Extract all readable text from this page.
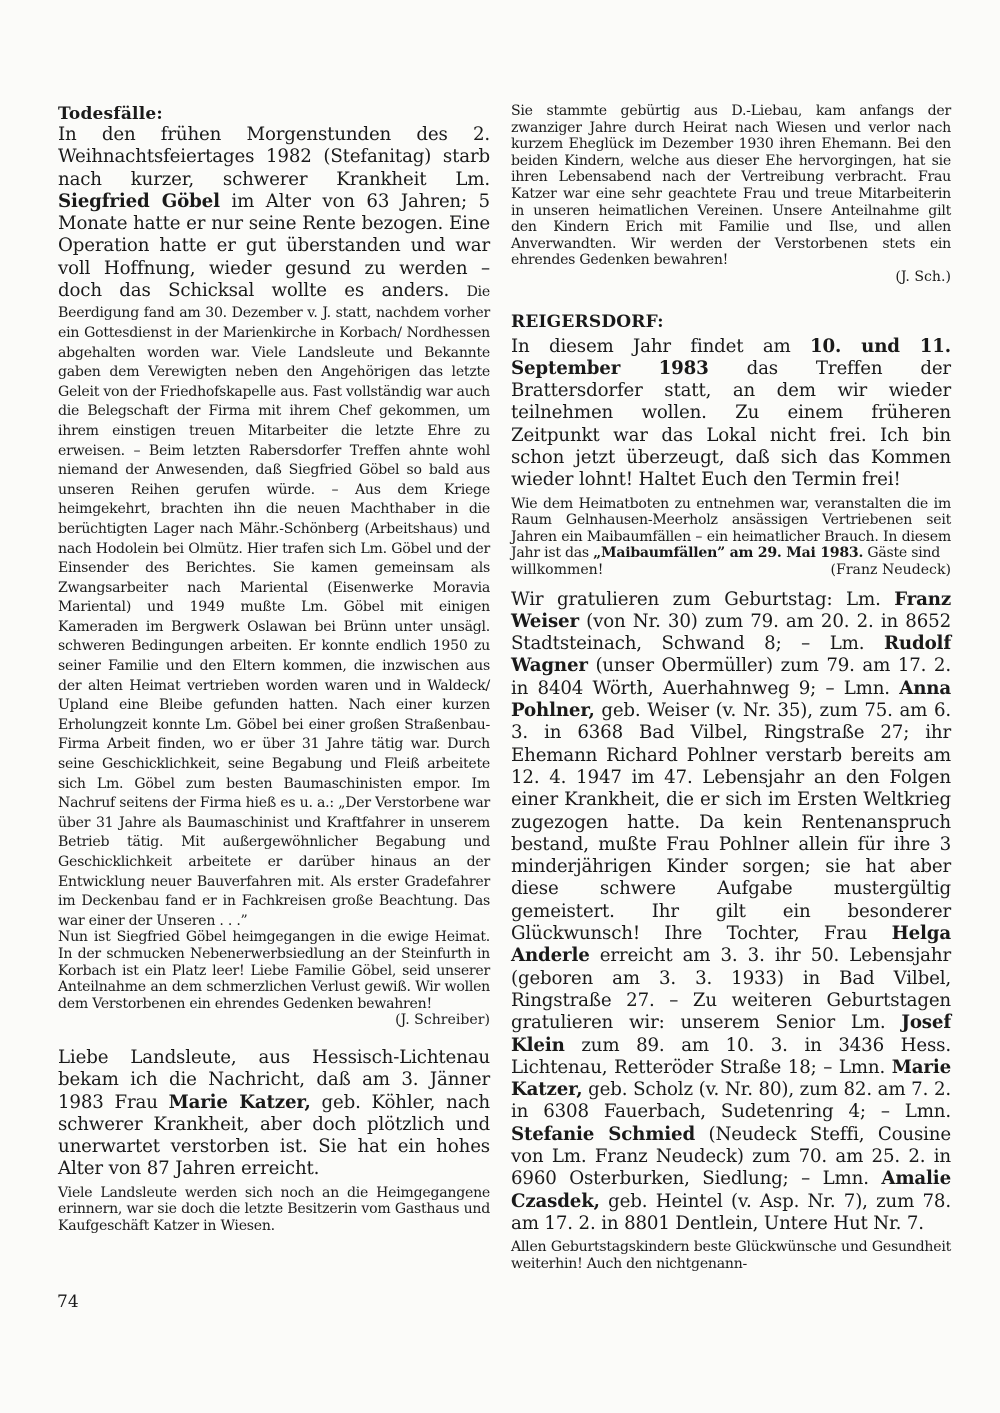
Todesfälle:

In den frühen Morgenstunden des 2. Weihnachtsfeiertages 1982 (Stefanitag) starb nach kurzer, schwerer Krankheit Lm. Siegfried Göbel im Alter von 63 Jahren; 5 Monate hatte er nur seine Rente bezogen. Eine Operation hatte er gut überstanden und war voll Hoffnung, wieder gesund zu werden – doch das Schicksal wollte es anders. Die Beerdigung fand am 30. Dezember v. J. statt, nachdem vorher ein Gottesdienst in der Marienkirche in Korbach/ Nordhessen abgehalten worden war. Viele Landsleute und Bekannte gaben dem Verewigten neben den Angehörigen das letzte Geleit von der Friedhofskapelle aus. Fast vollständig war auch die Belegschaft der Firma mit ihrem Chef gekommen, um ihrem einstigen treuen Mitarbeiter die letzte Ehre zu erweisen. – Beim letzten Rabersdorfer Treffen ahnte wohl niemand der Anwesenden, daß Siegfried Göbel so bald aus unseren Reihen gerufen würde. – Aus dem Kriege heimgekehrt, brachten ihn die neuen Machthaber in die berüchtigten Lager nach Mähr.-Schönberg (Arbeitshaus) und nach Hodolein bei Olmütz. Hier trafen sich Lm. Göbel und der Einsender des Berichtes. Sie kamen gemeinsam als Zwangsarbeiter nach Mariental (Eisenwerke Moravia Mariental) und 1949 mußte Lm. Göbel mit einigen Kameraden im Bergwerk Oslawan bei Brünn unter unsägl. schweren Bedingungen arbeiten. Er konnte endlich 1950 zu seiner Familie und den Eltern kommen, die inzwischen aus der alten Heimat vertrieben worden waren und in Waldeck/ Upland eine Bleibe gefunden hatten. Nach einer kurzen Erholungzeit konnte Lm. Göbel bei einer großen Straßenbau-Firma Arbeit finden, wo er über 31 Jahre tätig war. Durch seine Geschicklichkeit, seine Begabung und Fleiß arbeitete sich Lm. Göbel zum besten Baumaschinisten empor. Im Nachruf seitens der Firma hieß es u. a.: „Der Verstorbene war über 31 Jahre als Baumaschinist und Kraftfahrer in unserem Betrieb tätig. Mit außergewöhnlicher Begabung und Geschicklichkeit arbeitete er darüber hinaus an der Entwicklung neuer Bauverfahren mit. Als erster Gradefahrer im Deckenbau fand er in Fachkreisen große Beachtung. Das war einer der Unseren . . .”

Nun ist Siegfried Göbel heimgegangen in die ewige Heimat. In der schmucken Nebenerwerbsiedlung an der Steinfurth in Korbach ist ein Platz leer! Liebe Familie Göbel, seid unserer Anteilnahme an dem schmerzlichen Verlust gewiß. Wir wollen dem Verstorbenen ein ehrendes Gedenken bewahren!

(J. Schreiber)

Liebe Landsleute, aus Hessisch-Lichtenau bekam ich die Nachricht, daß am 3. Jänner 1983 Frau Marie Katzer, geb. Köhler, nach schwerer Krankheit, aber doch plötzlich und unerwartet verstorben ist. Sie hat ein hohes Alter von 87 Jahren erreicht.

Viele Landsleute werden sich noch an die Heimgegangene erinnern, war sie doch die letzte Besitzerin vom Gasthaus und Kaufgeschäft Katzer in Wiesen.

Sie stammte gebürtig aus D.-Liebau, kam anfangs der zwanziger Jahre durch Heirat nach Wiesen und verlor nach kurzem Eheglück im Dezember 1930 ihren Ehemann. Bei den beiden Kindern, welche aus dieser Ehe hervorgingen, hat sie ihren Lebensabend nach der Vertreibung verbracht. Frau Katzer war eine sehr geachtete Frau und treue Mitarbeiterin in unseren heimatlichen Vereinen. Unsere Anteilnahme gilt den Kindern Erich mit Familie und Ilse, und allen Anverwandten. Wir werden der Verstorbenen stets ein ehrendes Gedenken bewahren!

(J. Sch.)
REIGERSDORF:

In diesem Jahr findet am 10. und 11. September 1983 das Treffen der Brattersdorfer statt, an dem wir wieder teilnehmen wollen. Zu einem früheren Zeitpunkt war das Lokal nicht frei. Ich bin schon jetzt überzeugt, daß sich das Kommen wieder lohnt! Haltet Euch den Termin frei!

Wie dem Heimatboten zu entnehmen war, veranstalten die im Raum Gelnhausen-Meerholz ansässigen Vertriebenen seit Jahren ein Maibaumfällen – ein heimatlicher Brauch. In diesem Jahr ist das „Maibaumfällen” am 29. Mai 1983. Gäste sind

willkommen!	(Franz Neudeck)

Wir gratulieren zum Geburtstag: Lm. Franz Weiser (von Nr. 30) zum 79. am 20. 2. in 8652 Stadtsteinach, Schwand 8; – Lm. Rudolf Wagner (unser Obermüller) zum 79. am 17. 2. in 8404 Wörth, Auerhahnweg 9; – Lmn. Anna Pohlner, geb. Weiser (v. Nr. 35), zum 75. am 6. 3. in 6368 Bad Vilbel, Ringstraße 27; ihr Ehemann Richard Pohlner verstarb bereits am 12. 4. 1947 im 47. Lebensjahr an den Folgen einer Krankheit, die er sich im Ersten Weltkrieg zugezogen hatte. Da kein Rentenanspruch bestand, mußte Frau Pohlner allein für ihre 3 minderjährigen Kinder sorgen; sie hat aber diese schwere Aufgabe mustergültig gemeistert. Ihr gilt ein besonderer Glückwunsch! Ihre Tochter, Frau Helga Anderle erreicht am 3. 3. ihr 50. Lebensjahr (geboren am 3. 3. 1933) in Bad Vilbel, Ringstraße 27. – Zu weiteren Geburtstagen gratulieren wir: unserem Senior Lm. Josef Klein zum 89. am 10. 3. in 3436 Hess. Lichtenau, Retteröder Straße 18; – Lmn. Marie Katzer, geb. Scholz (v. Nr. 80), zum 82. am 7. 2. in 6308 Fauerbach, Sudetenring 4; – Lmn. Stefanie Schmied (Neudeck Steffi, Cousine von Lm. Franz Neudeck) zum 70. am 25. 2. in 6960 Osterburken, Siedlung; – Lmn. Amalie Czasdek, geb. Heintel (v. Asp. Nr. 7), zum 78. am 17. 2. in 8801 Dentlein, Untere Hut Nr. 7.

Allen Geburtstagskindern beste Glückwünsche und Gesundheit weiterhin! Auch den nichtgenann-

74
